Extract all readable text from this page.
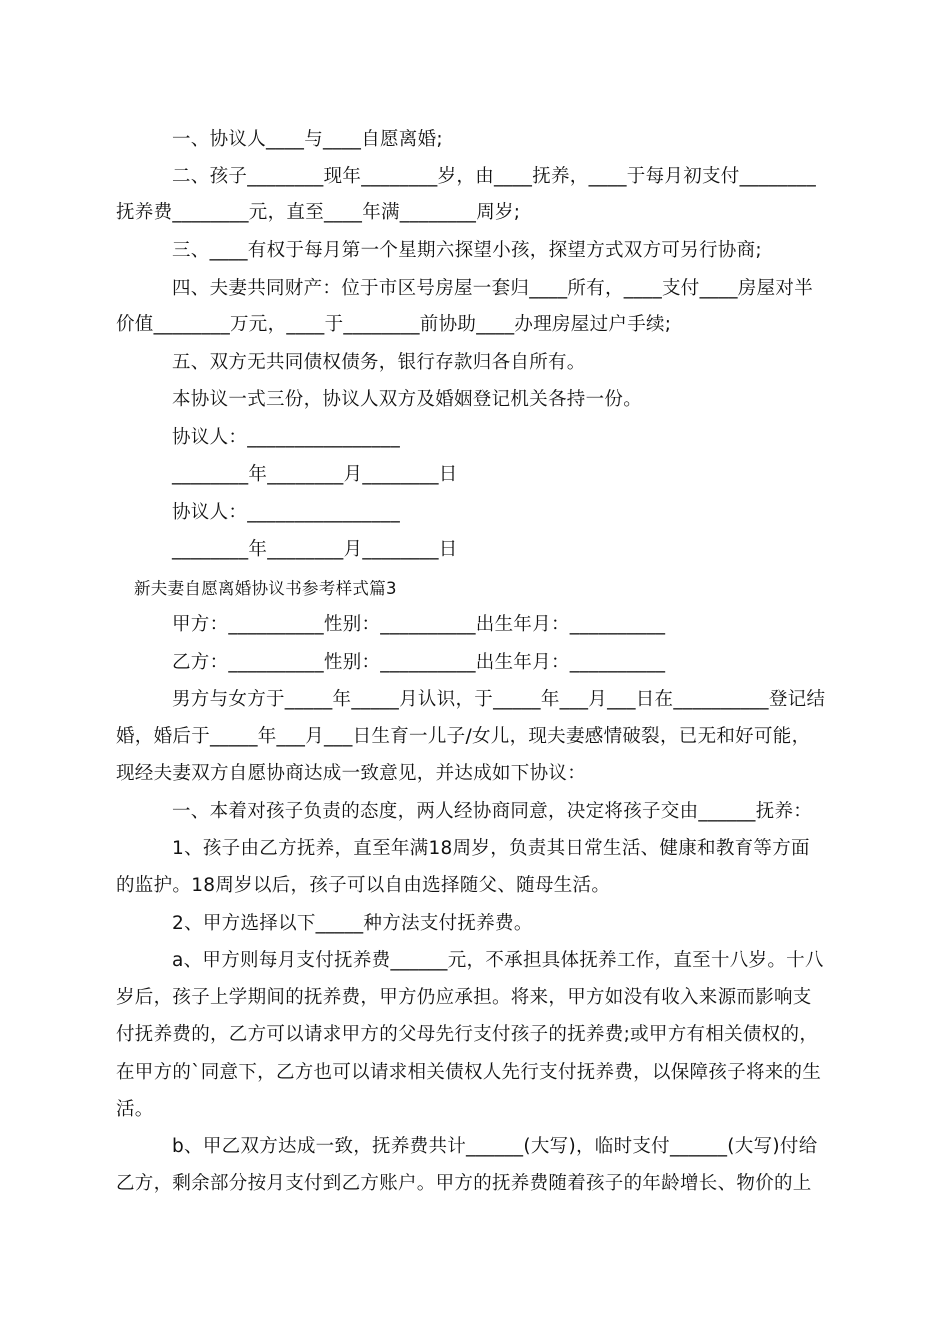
一、协议人____与____自愿离婚;
二、孩子________现年________岁，由____抚养，____于每月初支付________
抚养费________元，直至____年满________周岁;
三、____有权于每月第一个星期六探望小孩，探望方式双方可另行协商;
四、夫妻共同财产：位于市区号房屋一套归____所有，____支付____房屋对半
价值________万元，____于________前协助____办理房屋过户手续;
五、双方无共同债权债务，银行存款归各自所有。
本协议一式三份，协议人双方及婚姻登记机关各持一份。
协议人：________________
________年________月________日
协议人：________________
________年________月________日
新夫妻自愿离婚协议书参考样式篇3
甲方：__________性别：__________出生年月：__________
乙方：__________性别：__________出生年月：__________
男方与女方于_____年_____月认识，于_____年___月___日在__________登记结
婚，婚后于_____年___月___日生育一儿子/女儿，现夫妻感情破裂，已无和好可能，
现经夫妻双方自愿协商达成一致意见，并达成如下协议：
一、本着对孩子负责的态度，两人经协商同意，决定将孩子交由______抚养：
1、孩子由乙方抚养，直至年满18周岁，负责其日常生活、健康和教育等方面
的监护。18周岁以后，孩子可以自由选择随父、随母生活。
2、甲方选择以下_____种方法支付抚养费。
a、甲方则每月支付抚养费______元，不承担具体抚养工作，直至十八岁。十八
岁后，孩子上学期间的抚养费，甲方仍应承担。将来，甲方如没有收入来源而影响支
付抚养费的，乙方可以请求甲方的父母先行支付孩子的抚养费;或甲方有相关债权的，
在甲方的`同意下，乙方也可以请求相关债权人先行支付抚养费，以保障孩子将来的生
活。
b、甲乙双方达成一致，抚养费共计______(大写)，临时支付______(大写)付给
乙方，剩余部分按月支付到乙方账户。甲方的抚养费随着孩子的年龄增长、物价的上
